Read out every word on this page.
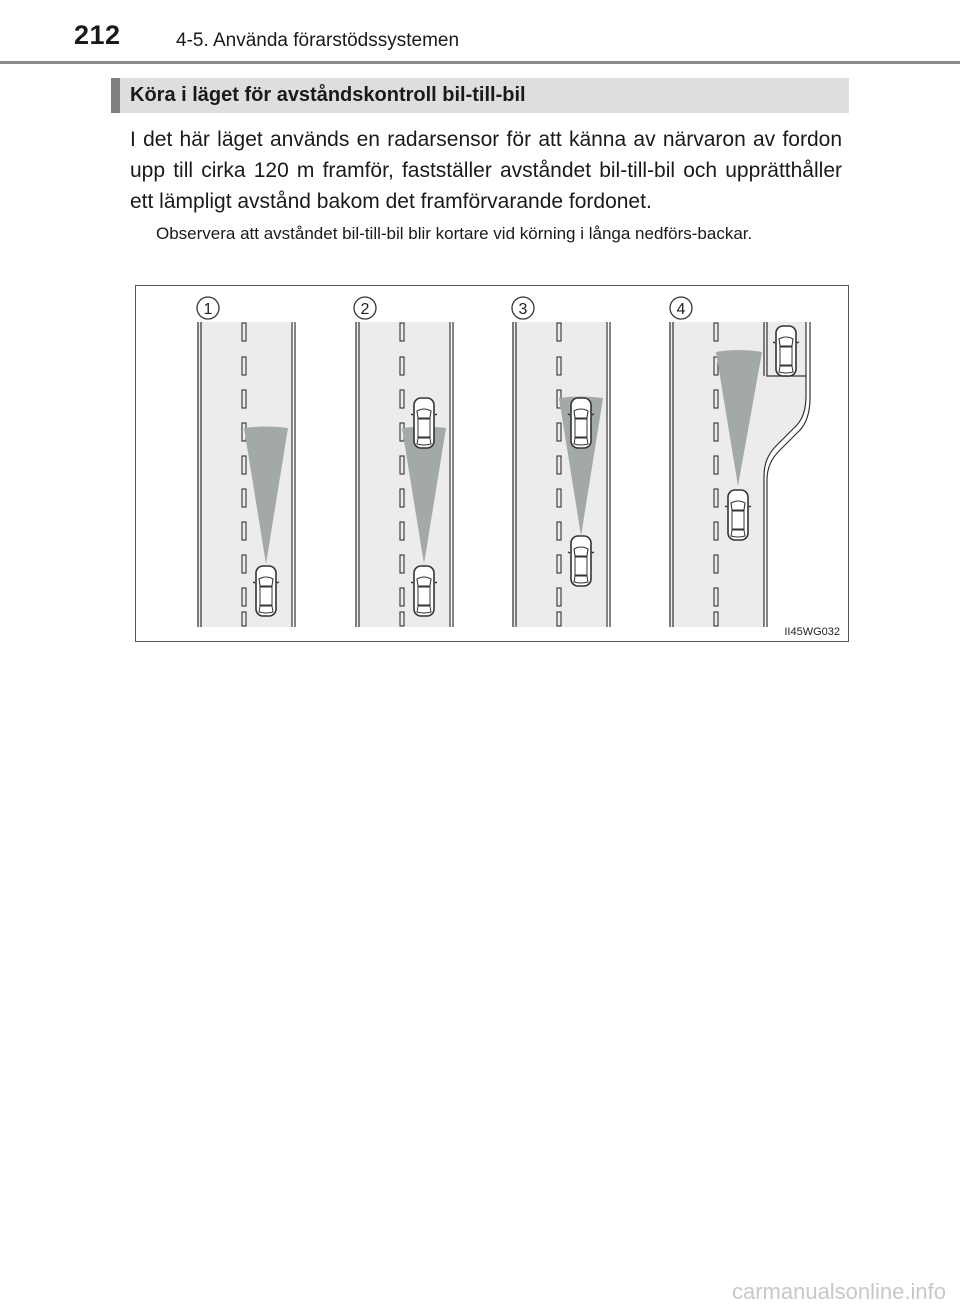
212	4-5. Använda förarstödssystemen
Köra i läget för avståndskontroll bil-till-bil

I det här läget används en radarsensor för att känna av närvaron av fordon upp till cirka 120 m framför, fastställer avståndet bil-till-bil och upprätthåller ett lämpligt avstånd bakom det framförvarande fordonet.

Observera att avståndet bil-till-bil blir kortare vid körning i långa nedförs-backar.

1	2	3	4
II45WG032
carmanualsonline.info
